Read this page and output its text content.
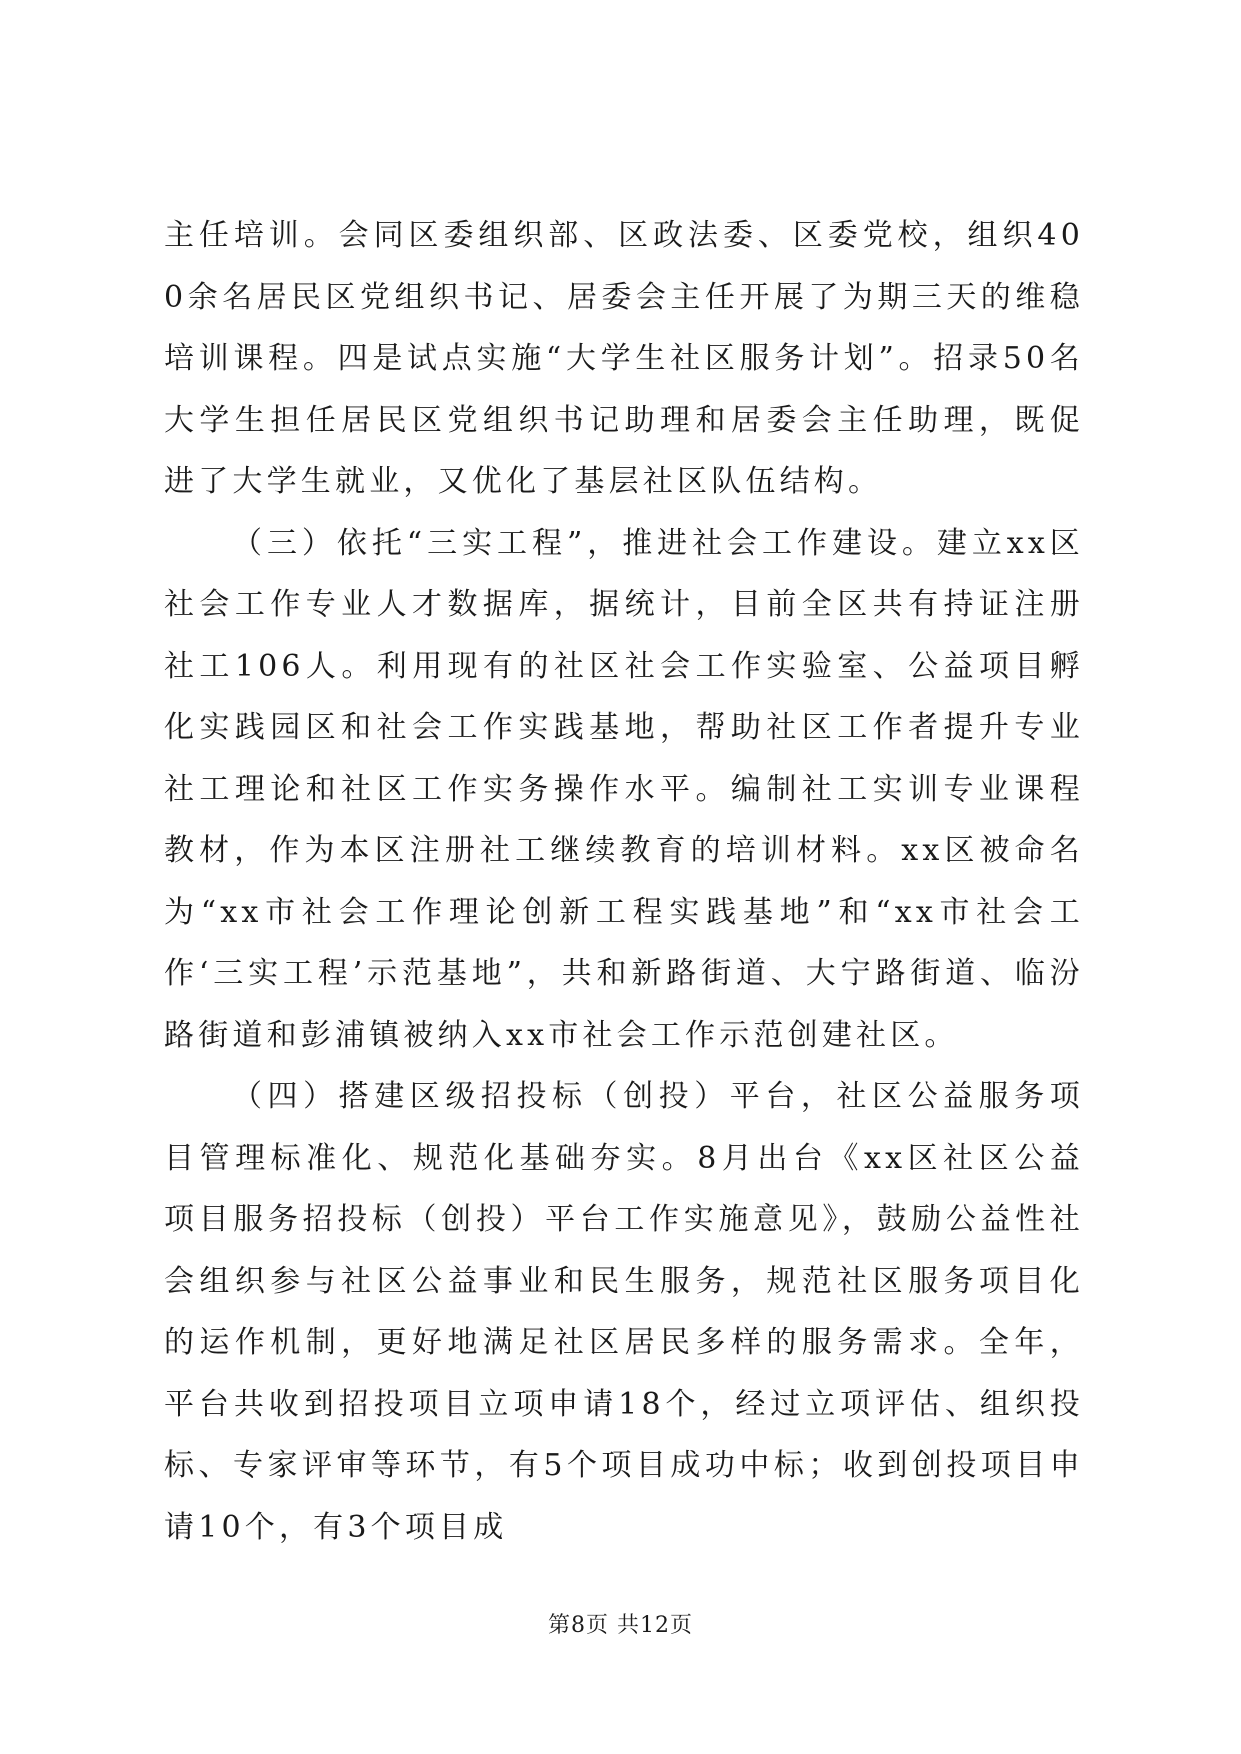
主任培训。会同区委组织部、区政法委、区委党校，组织400余名居民区党组织书记、居委会主任开展了为期三天的维稳培训课程。四是试点实施“大学生社区服务计划”。招录50名大学生担任居民区党组织书记助理和居委会主任助理，既促进了大学生就业，又优化了基层社区队伍结构。

（三）依托“三实工程”，推进社会工作建设。建立xx区社会工作专业人才数据库，据统计，目前全区共有持证注册社工106人。利用现有的社区社会工作实验室、公益项目孵化实践园区和社会工作实践基地，帮助社区工作者提升专业社工理论和社区工作实务操作水平。编制社工实训专业课程教材，作为本区注册社工继续教育的培训材料。xx区被命名为“xx市社会工作理论创新工程实践基地”和“xx市社会工作‘三实工程’示范基地”，共和新路街道、大宁路街道、临汾路街道和彭浦镇被纳入xx市社会工作示范创建社区。

（四）搭建区级招投标（创投）平台，社区公益服务项目管理标准化、规范化基础夯实。8月出台《xx区社区公益项目服务招投标（创投）平台工作实施意见》，鼓励公益性社会组织参与社区公益事业和民生服务，规范社区服务项目化的运作机制，更好地满足社区居民多样的服务需求。全年，平台共收到招投项目立项申请18个，经过立项评估、组织投标、专家评审等环节，有5个项目成功中标；收到创投项目申请10个，有3个项目成

第8页 共12页
